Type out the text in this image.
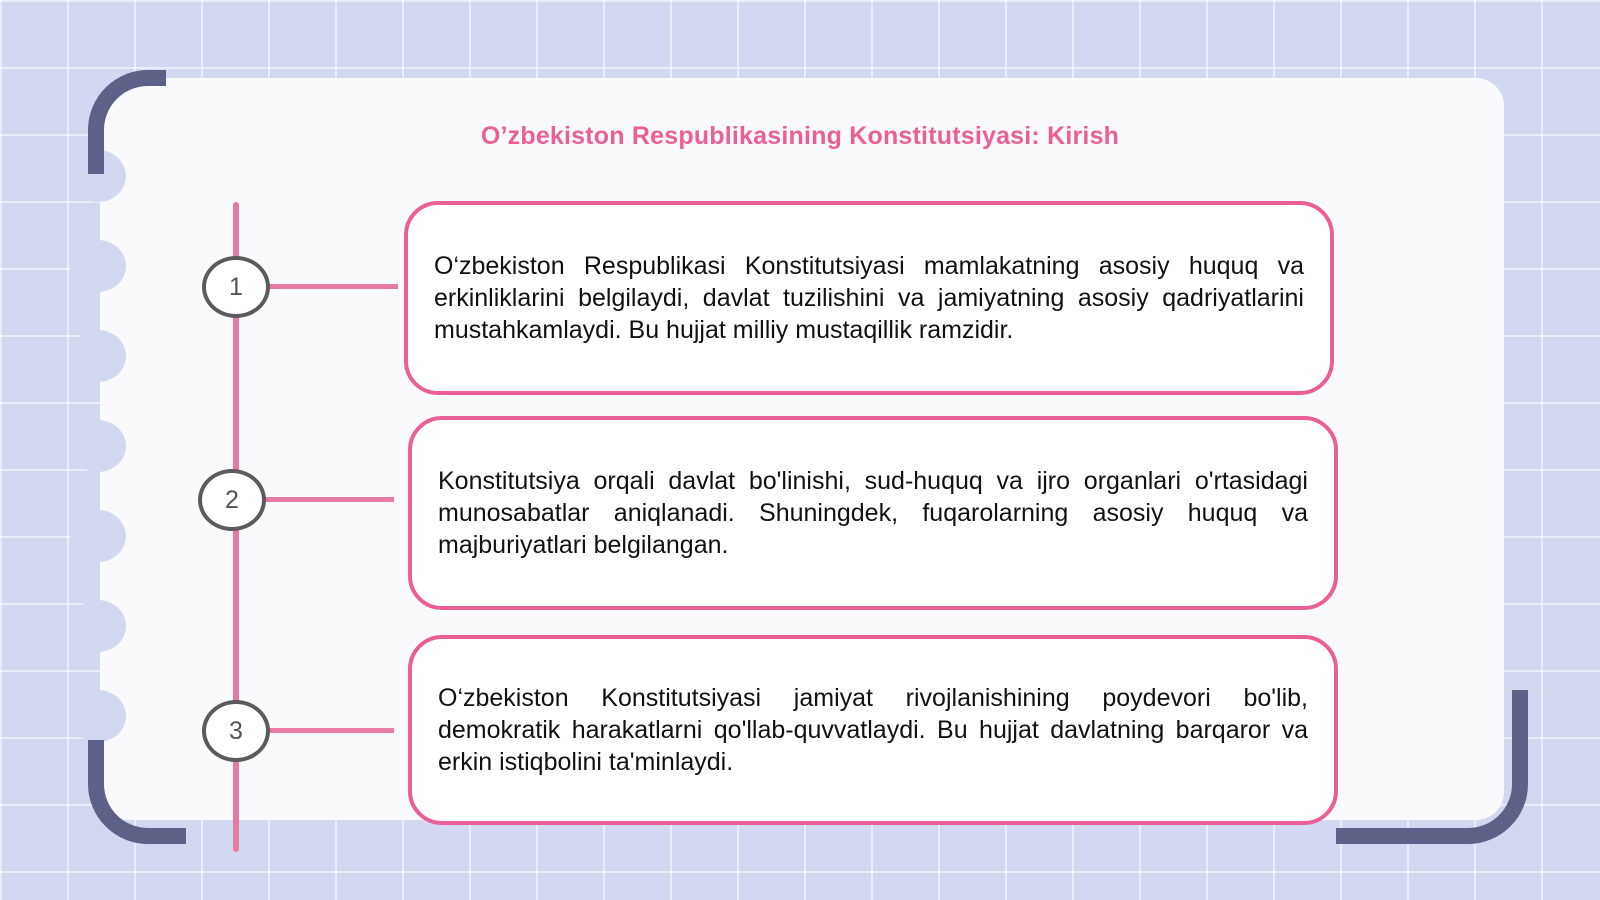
O’zbekiston Respublikasining Konstitutsiyasi: Kirish
1

O‘zbekiston Respublikasi Konstitutsiyasi mamlakatning asosiy huquq va erkinliklarini belgilaydi, davlat tuzilishini va jamiyatning asosiy qadriyatlarini mustahkamlaydi. Bu hujjat milliy mustaqillik ramzidir.

2

Konstitutsiya orqali davlat bo'linishi, sud-huquq va ijro organlari o'rtasidagi munosabatlar aniqlanadi. Shuningdek, fuqarolarning asosiy huquq va majburiyatlari belgilangan.

3

O‘zbekiston Konstitutsiyasi jamiyat rivojlanishining poydevori bo'lib, demokratik harakatlarni qo'llab-quvvatlaydi. Bu hujjat davlatning barqaror va erkin istiqbolini ta'minlaydi.
